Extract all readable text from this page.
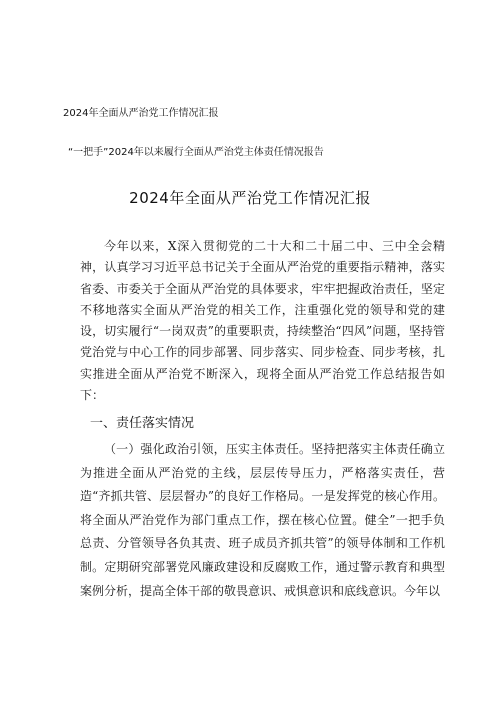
2024年全面从严治党工作情况汇报
“一把手”2024年以来履行全面从严治党主体责任情况报告
2024年全面从严治党工作情况汇报
今年以来，X深入贯彻党的二十大和二十届二中、三中全会精神，认真学习习近平总书记关于全面从严治党的重要指示精神，落实省委、市委关于全面从严治党的具体要求，牢牢把握政治责任，坚定不移地落实全面从严治党的相关工作，注重强化党的领导和党的建设，切实履行“一岗双责”的重要职责，持续整治“四风”问题，坚持管党治党与中心工作的同步部署、同步落实、同步检查、同步考核，扎实推进全面从严治党不断深入，现将全面从严治党工作总结报告如下：
一、责任落实情况
（一）强化政治引领，压实主体责任。坚持把落实主体责任确立为推进全面从严治党的主线，层层传导压力，严格落实责任，营造“齐抓共管、层层督办”的良好工作格局。一是发挥党的核心作用。将全面从严治党作为部门重点工作，摆在核心位置。健全”一把手负总责、分管领导各负其责、班子成员齐抓共管”的领导体制和工作机制。定期研究部署党风廉政建设和反腐败工作，通过警示教育和典型案例分析，提高全体干部的敬畏意识、戒惧意识和底线意识。今年以
